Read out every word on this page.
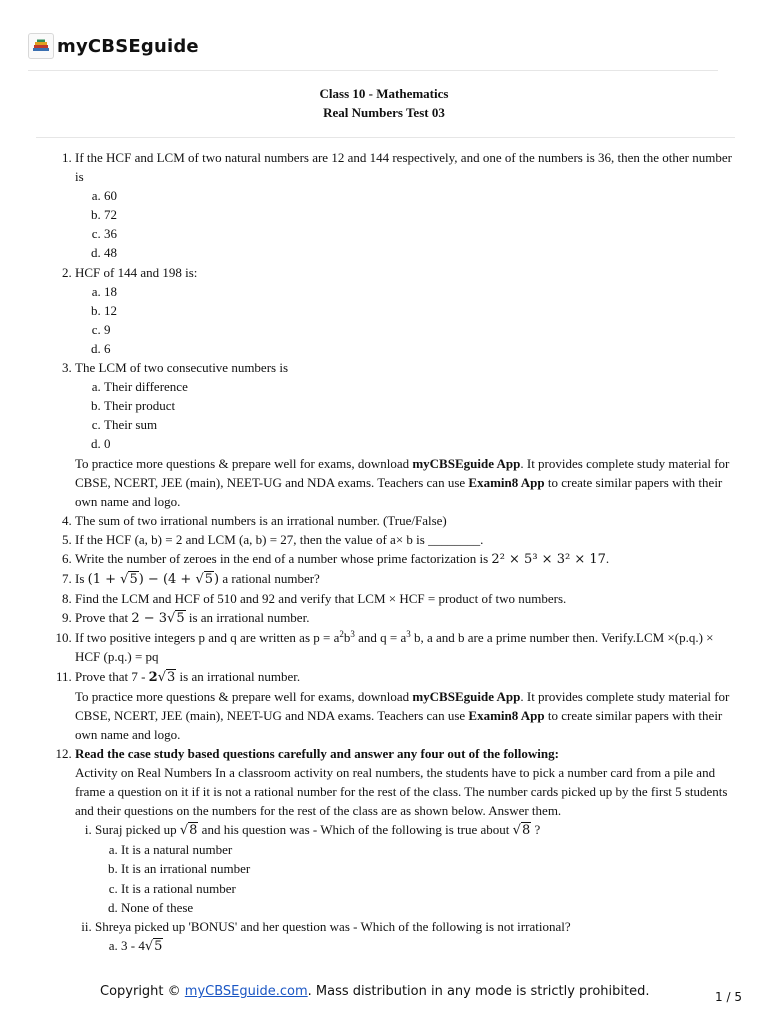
myCBSEguide
Class 10 - Mathematics
Real Numbers Test 03
1. If the HCF and LCM of two natural numbers are 12 and 144 respectively, and one of the numbers is 36, then the other number is
a. 60
b. 72
c. 36
d. 48
2. HCF of 144 and 198 is:
a. 18
b. 12
c. 9
d. 6
3. The LCM of two consecutive numbers is
a. Their difference
b. Their product
c. Their sum
d. 0
To practice more questions & prepare well for exams, download myCBSEguide App. It provides complete study material for CBSE, NCERT, JEE (main), NEET-UG and NDA exams. Teachers can use Examin8 App to create similar papers with their own name and logo.
4. The sum of two irrational numbers is an irrational number. (True/False)
5. If the HCF (a, b) = 2 and LCM (a, b) = 27, then the value of a× b is ________.
6. Write the number of zeroes in the end of a number whose prime factorization is 2² × 5³ × 3² × 17.
7. Is (1 + √5) − (4 + √5) a rational number?
8. Find the LCM and HCF of 510 and 92 and verify that LCM × HCF = product of two numbers.
9. Prove that 2 − 3√5 is an irrational number.
10. If two positive integers p and q are written as $p = a^2b^3$ and $q = a^3$ b, a and b are a prime number then. Verify.LCM ×(p.q.) × HCF (p.q.) = pq
11. Prove that 7 - 2√3 is an irrational number.
To practice more questions & prepare well for exams, download myCBSEguide App. It provides complete study material for CBSE, NCERT, JEE (main), NEET-UG and NDA exams. Teachers can use Examin8 App to create similar papers with their own name and logo.
12. Read the case study based questions carefully and answer any four out of the following:
Activity on Real Numbers In a classroom activity on real numbers, the students have to pick a number card from a pile and frame a question on it if it is not a rational number for the rest of the class. The number cards picked up by the first 5 students and their questions on the numbers for the rest of the class are as shown below. Answer them.
i. Suraj picked up √8 and his question was - Which of the following is true about √8 ?
a. It is a natural number
b. It is an irrational number
c. It is a rational number
d. None of these
ii. Shreya picked up 'BONUS' and her question was - Which of the following is not irrational?
a. 3 - 4√5
Copyright © myCBSEguide.com. Mass distribution in any mode is strictly prohibited.	1 / 5
